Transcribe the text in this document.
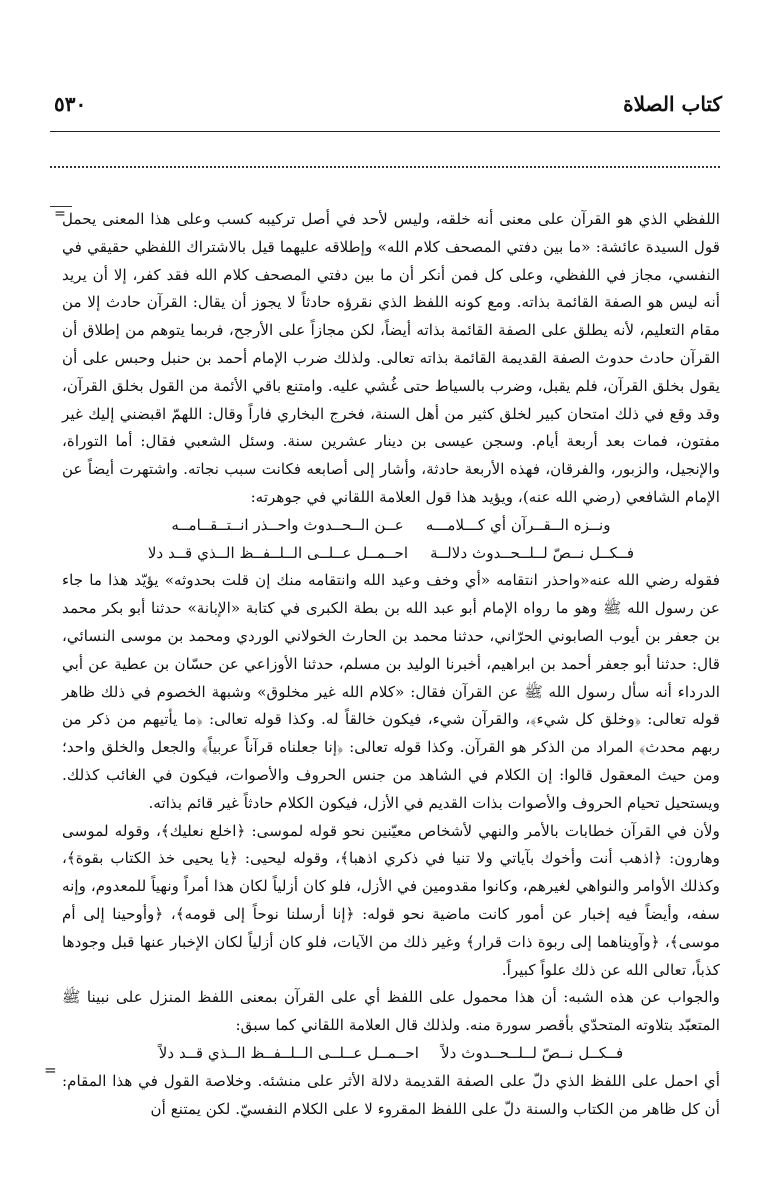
كتاب الصلاة
٥٣٠
=

اللفظي الذي هو القرآن على معنى أنه خلقه، وليس لأحد في أصل تركيبه كسب وعلى هذا المعنى يحمل قول السيدة عائشة: «ما بين دفتي المصحف كلام الله» وإطلاقه عليهما قيل بالاشتراك اللفظي حقيقي في النفسي، مجاز في اللفظي، وعلى كل فمن أنكر أن ما بين دفتي المصحف كلام الله فقد كفر، إلا أن يريد أنه ليس هو الصفة القائمة بذاته. ومع كونه اللفظ الذي نقرؤه حادثاً لا يجوز أن يقال: القرآن حادث إلا من مقام التعليم، لأنه يطلق على الصفة القائمة بذاته أيضاً، لكن مجازاً على الأرجح، فربما يتوهم من إطلاق أن القرآن حادث حدوث الصفة القديمة القائمة بذاته تعالى. ولذلك ضرب الإمام أحمد بن حنبل وحبس على أن يقول بخلق القرآن، فلم يقبل، وضرب بالسياط حتى غُشي عليه. وامتنع باقي الأئمة من القول بخلق القرآن، وقد وقع في ذلك امتحان كبير لخلق كثير من أهل السنة، فخرج البخاري فاراً وقال: اللهمّ اقبضني إليك غير مفتون، فمات بعد أربعة أيام. وسجن عيسى بن دينار عشرين سنة. وسئل الشعبي فقال: أما التوراة، والإنجيل، والزبور، والفرقان، فهذه الأربعة حادثة، وأشار إلى أصابعه فكانت سبب نجاته. واشتهرت أيضاً عن الإمام الشافعي (رضي الله عنه)، ويؤيد هذا قول العلامة اللقاني في جوهرته:

ونــزه الــقــرآن أي كـــلامـــه
عــن الــحــدوث واحــذر انــتــقــامــه
فــكــل نــصّ لــلــحــدوث دلالــة
احــمــل عــلــى الــلــفــظ الــذي قــد دلا

فقوله رضي الله عنه«واحذر انتقامه «أي وخف وعيد الله وانتقامه منك إن قلت بحدوثه» يؤيّد هذا ما جاء عن رسول الله ﷺ وهو ما رواه الإمام أبو عبد الله بن بطة الكبرى في كتابة «الإبانة» حدثنا أبو بكر محمد بن جعفر بن أيوب الصابوني الحرّاني، حدثنا محمد بن الحارث الخولاني الوردي ومحمد بن موسى النسائي، قال: حدثنا أبو جعفر أحمد بن ابراهيم، أخبرنا الوليد بن مسلم، حدثنا الأوزاعي عن حسّان بن عطية عن أبي الدرداء أنه سأل رسول الله ﷺ عن القرآن فقال: «كلام الله غير مخلوق» وشبهة الخصوم في ذلك ظاهر قوله تعالى: ﴿وخلق كل شيء﴾، والقرآن شيء، فيكون خالقاً له. وكذا قوله تعالى: ﴿ما يأتيهم من ذكر من ربهم محدث﴾ المراد من الذكر هو القرآن. وكذا قوله تعالى: ﴿إنا جعلناه قرآناً عربياً﴾ والجعل والخلق واحد؛ ومن حيث المعقول قالوا: إن الكلام في الشاهد من جنس الحروف والأصوات، فيكون في الغائب كذلك. ويستحيل تحيام الحروف والأصوات بذات القديم في الأزل، فيكون الكلام حادثاً غير قائم بذاته.

ولأن في القرآن خطابات بالأمر والنهي لأشخاص معيّنين نحو قوله لموسى: ﴿اخلع نعليك﴾، وقوله لموسى وهارون: ﴿اذهب أنت وأخوك بآياتي ولا تنيا في ذكري اذهبا﴾، وقوله ليحيى: ﴿يا يحيى خذ الكتاب بقوة﴾، وكذلك الأوامر والنواهي لغيرهم، وكانوا مقدومين في الأزل، فلو كان أزلياً لكان هذا أمراً ونهياً للمعدوم، وإنه سفه، وأيضاً فيه إخبار عن أمور كانت ماضية نحو قوله: ﴿إنا أرسلنا نوحاً إلى قومه﴾، ﴿وأوحينا إلى أم موسى﴾، ﴿وآويناهما إلى ربوة ذات قرار﴾ وغير ذلك من الآيات، فلو كان أزلياً لكان الإخبار عنها قبل وجودها كذباً، تعالى الله عن ذلك علواً كبيراً.

والجواب عن هذه الشبه: أن هذا محمول على اللفظ أي على القرآن بمعنى اللفظ المنزل على نبينا ﷺ المتعبّد بتلاوته المتحدّي بأقصر سورة منه. ولذلك قال العلامة اللقاني كما سبق:

فــكــل نــصّ لــلــحــدوث دلاً
احــمــل عــلــى الــلــفــظ الــذي قــد دلاً

أي احمل على اللفظ الذي دلّ على الصفة القديمة دلالة الأثر على منشئه. وخلاصة القول في هذا المقام: أن كل ظاهر من الكتاب والسنة دلّ على اللفظ المقروء لا على الكلام النفسيّ. لكن يمتنع أن

=
